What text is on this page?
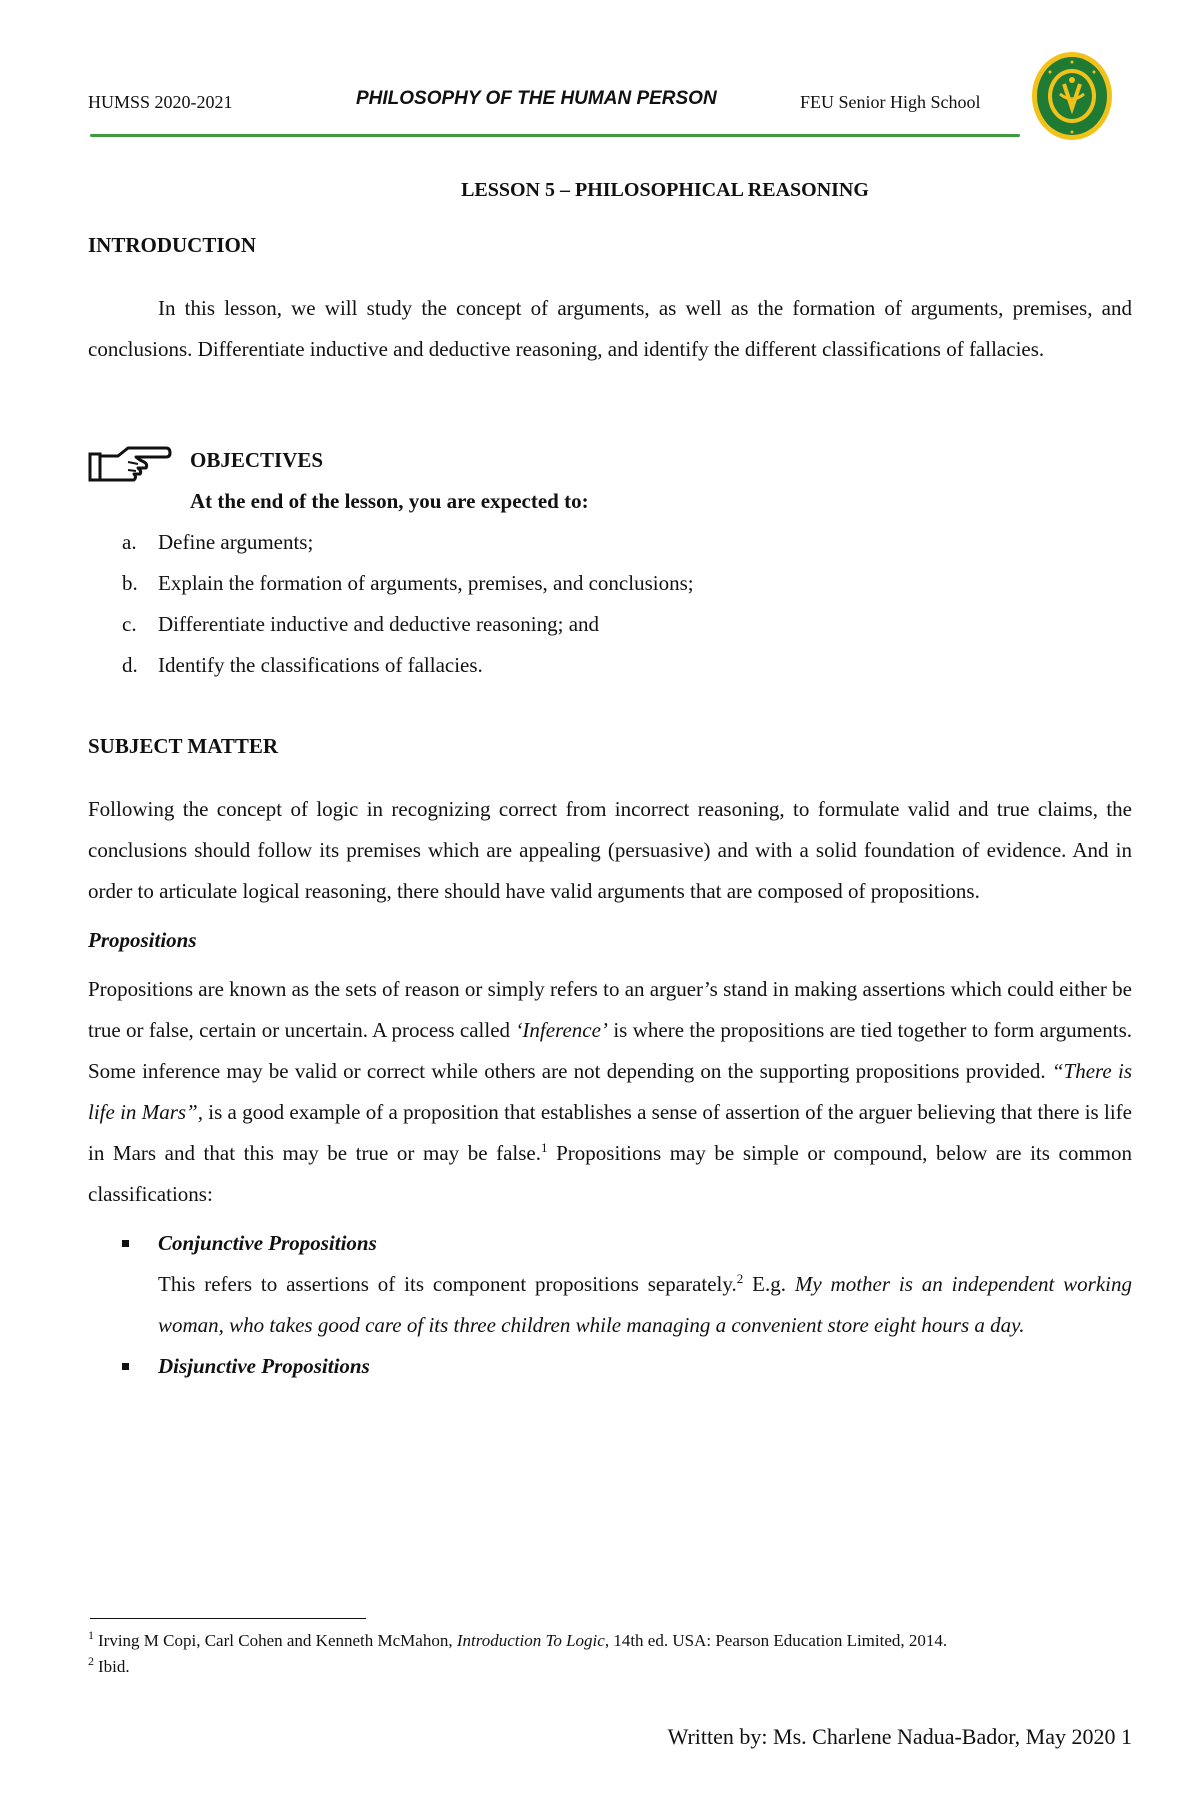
HUMSS 2020-2021	PHILOSOPHY OF THE HUMAN PERSON	FEU Senior High School
LESSON 5 – PHILOSOPHICAL REASONING
INTRODUCTION

In this lesson, we will study the concept of arguments, as well as the formation of arguments, premises, and conclusions. Differentiate inductive and deductive reasoning, and identify the different classifications of fallacies.

OBJECTIVES
At the end of the lesson, you are expected to:
a. Define arguments;
b. Explain the formation of arguments, premises, and conclusions;
c. Differentiate inductive and deductive reasoning; and
d. Identify the classifications of fallacies.
SUBJECT MATTER

Following the concept of logic in recognizing correct from incorrect reasoning, to formulate valid and true claims, the conclusions should follow its premises which are appealing (persuasive) and with a solid foundation of evidence. And in order to articulate logical reasoning, there should have valid arguments that are composed of propositions.

Propositions

Propositions are known as the sets of reason or simply refers to an arguer’s stand in making assertions which could either be true or false, certain or uncertain. A process called ‘Inference’ is where the propositions are tied together to form arguments. Some inference may be valid or correct while others are not depending on the supporting propositions provided. “There is life in Mars”, is a good example of a proposition that establishes a sense of assertion of the arguer believing that there is life in Mars and that this may be true or may be false.$^1$ Propositions may be simple or compound, below are its common classifications:

Conjunctive Propositions
This refers to assertions of its component propositions separately.$^2$ E.g. My mother is an independent working woman, who takes good care of its three children while managing a convenient store eight hours a day.
Disjunctive Propositions
$^1$ Irving M Copi, Carl Cohen and Kenneth McMahon, Introduction To Logic, 14th ed. USA: Pearson Education Limited, 2014.
$^2$ Ibid.
Written by: Ms. Charlene Nadua-Bador, May 2020 1
